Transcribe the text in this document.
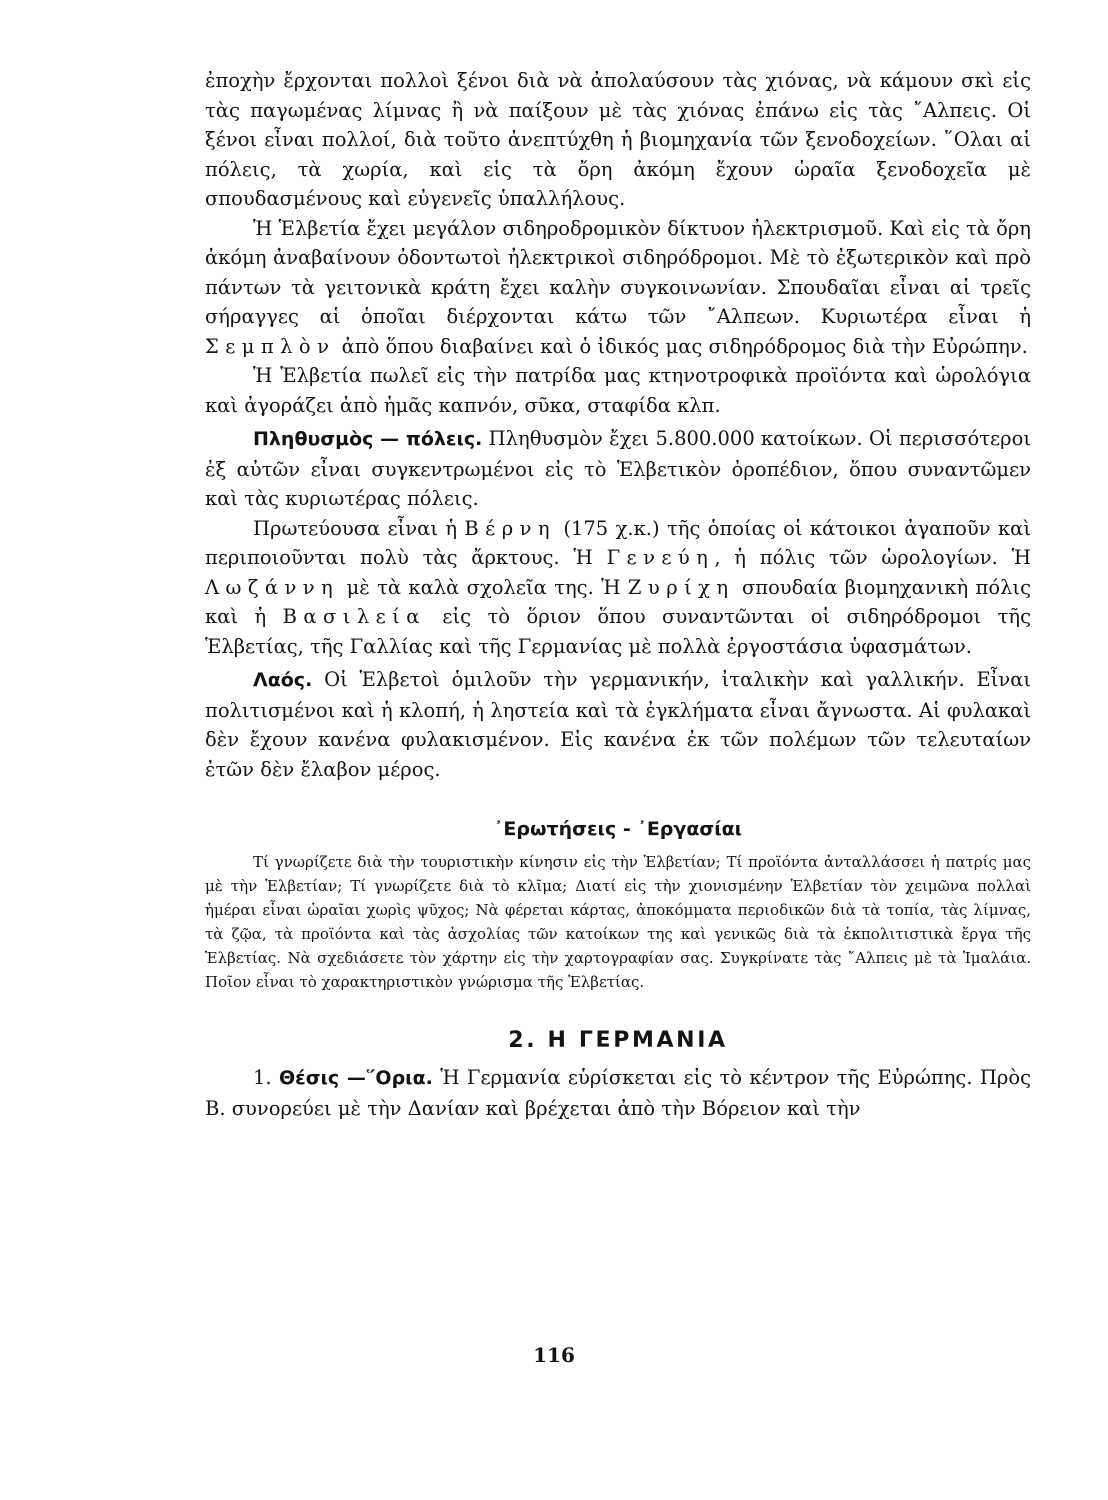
ἐποχὴν ἔρχονται πολλοὶ ξένοι διὰ νὰ ἀπολαύσουν τὰς χιόνας, νὰ κάμουν σκὶ εἰς τὰς παγωμένας λίμνας ἢ νὰ παίξουν μὲ τὰς χιόνας ἐπάνω εἰς τὰς ῎Αλπεις. Οἱ ξένοι εἶναι πολλοί, διὰ τοῦτο ἀνεπτύχθη ἡ βιομηχανία τῶν ξενοδοχείων. ῞Ολαι αἱ πόλεις, τὰ χωρία, καὶ εἰς τὰ ὄρη ἀκόμη ἔχουν ὡραῖα ξενοδοχεῖα μὲ σπουδασμένους καὶ εὐγενεῖς ὑπαλλήλους.

Ἡ Ἑλβετία ἔχει μεγάλον σιδηροδρομικὸν δίκτυον ἠλεκτρισμοῦ. Καὶ εἰς τὰ ὄρη ἀκόμη ἀναβαίνουν ὀδοντωτοὶ ἠλεκτρικοὶ σιδηρόδρομοι. Μὲ τὸ ἐξωτερικὸν καὶ πρὸ πάντων τὰ γειτονικὰ κράτη ἔχει καλὴν συγκοινωνίαν. Σπουδαῖαι εἶναι αἱ τρεῖς σήραγγες αἱ ὁποῖαι διέρχονται κάτω τῶν ῎Αλπεων. Κυριωτέρα εἶναι ἡ Σεμπλὸν ἀπὸ ὅπου διαβαίνει καὶ ὁ ἰδικός μας σιδηρόδρομος διὰ τὴν Εὐρώπην.

Ἡ Ἑλβετία πωλεῖ εἰς τὴν πατρίδα μας κτηνοτροφικὰ προϊόντα καὶ ὡρολόγια καὶ ἀγοράζει ἀπὸ ἡμᾶς καπνόν, σῦκα, σταφίδα κλπ.

Πληθυσμὸς — πόλεις. Πληθυσμὸν ἔχει 5.800.000 κατοίκων. Οἱ περισσότεροι ἐξ αὐτῶν εἶναι συγκεντρωμένοι εἰς τὸ Ἑλβετικὸν ὀροπέδιον, ὅπου συναντῶμεν καὶ τὰς κυριωτέρας πόλεις.

Πρωτεύουσα εἶναι ἡ Βέρνη (175 χ.κ.) τῆς ὁποίας οἱ κάτοικοι ἀγαποῦν καὶ περιποιοῦνται πολὺ τὰς ἄρκτους. Ἡ Γενεύη, ἡ πόλις τῶν ὡρολογίων. Ἡ Λωζάννη μὲ τὰ καλὰ σχολεῖα της. Ἡ Ζυρίχη σπουδαία βιομηχανικὴ πόλις καὶ ἡ Βασιλεία εἰς τὸ ὅριον ὅπου συναντῶνται οἱ σιδηρόδρομοι τῆς Ἑλβετίας, τῆς Γαλλίας καὶ τῆς Γερμανίας μὲ πολλὰ ἐργοστάσια ὑφασμάτων.

Λαός. Οἱ Ἑλβετοὶ ὁμιλοῦν τὴν γερμανικήν, ἰταλικὴν καὶ γαλλικήν. Εἶναι πολιτισμένοι καὶ ἡ κλοπή, ἡ ληστεία καὶ τὰ ἐγκλήματα εἶναι ἄγνωστα. Αἱ φυλακαὶ δὲν ἔχουν κανένα φυλακισμένον. Εἰς κανένα ἐκ τῶν πολέμων τῶν τελευταίων ἐτῶν δὲν ἔλαβον μέρος.

᾿Ερωτήσεις - ᾿Εργασίαι

Τί γνωρίζετε διὰ τὴν τουριστικὴν κίνησιν εἰς τὴν Ἑλβετίαν; Τί προϊόντα ἀνταλλάσσει ἡ πατρίς μας μὲ τὴν Ἑλβετίαν; Τί γνωρίζετε διὰ τὸ κλῖμα; Διατί εἰς τὴν χιονισμένην Ἑλβετίαν τὸν χειμῶνα πολλαὶ ἡμέραι εἶναι ὡραῖαι χωρὶς ψῦχος; Νὰ φέρεται κάρτας, ἀποκόμματα περιοδικῶν διὰ τὰ τοπία, τὰς λίμνας, τὰ ζῷα, τὰ προϊόντα καὶ τὰς ἀσχολίας τῶν κατοίκων της καὶ γενικῶς διὰ τὰ ἐκπολιτιστικὰ ἔργα τῆς Ἑλβετίας. Νὰ σχεδιάσετε τὸν χάρτην εἰς τὴν χαρτογραφίαν σας. Συγκρίνατε τὰς ῎Αλπεις μὲ τὰ Ἱμαλάια. Ποῖον εἶναι τὸ χαρακτηριστικὸν γνώρισμα τῆς Ἑλβετίας.

2. Η ΓΕΡΜΑΝΙΑ

1. Θέσις —῞Ορια. Ἡ Γερμανία εὑρίσκεται εἰς τὸ κέντρον τῆς Εὐρώπης. Πρὸς Β. συνορεύει μὲ τὴν Δανίαν καὶ βρέχεται ἀπὸ τὴν Βόρειον καὶ τὴν

116
